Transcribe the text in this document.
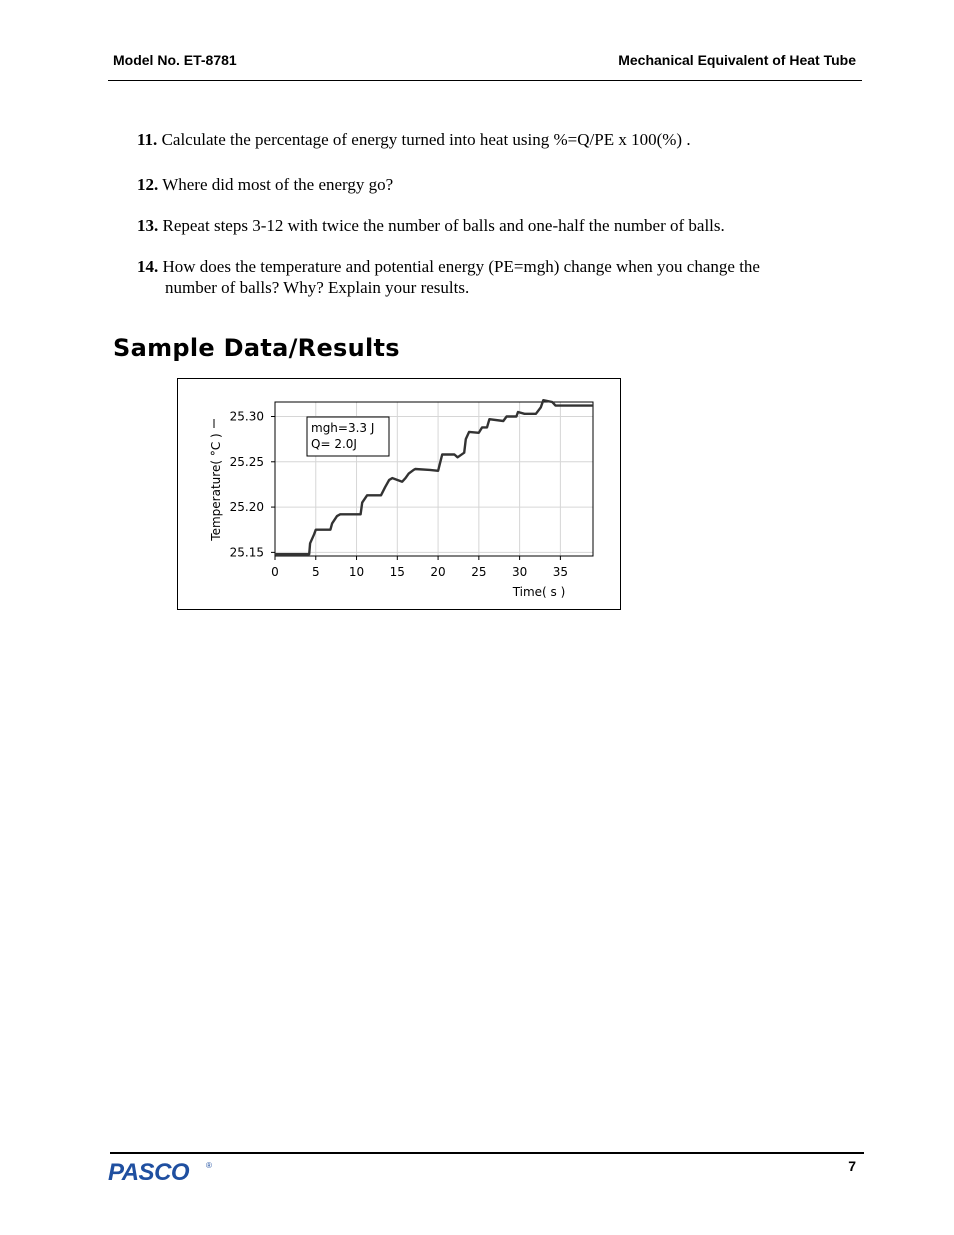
Model No. ET-8781	Mechanical Equivalent of Heat Tube
11. Calculate the percentage of energy turned into heat using %=Q/PE x 100(%) .
12. Where did most of the energy go?
13. Repeat steps 3-12 with twice the number of balls and one-half the number of balls.
14. How does the temperature and potential energy (PE=mgh) change when you change the
number of balls? Why? Explain your results.
Sample Data/Results
0	5 10 15 20 25 30 35
25.15
25.20
25.25
25.30
Time( s )
Temperature( °C )
mgh=3.3 J
Q= 2.0J
PASCO ®	7
